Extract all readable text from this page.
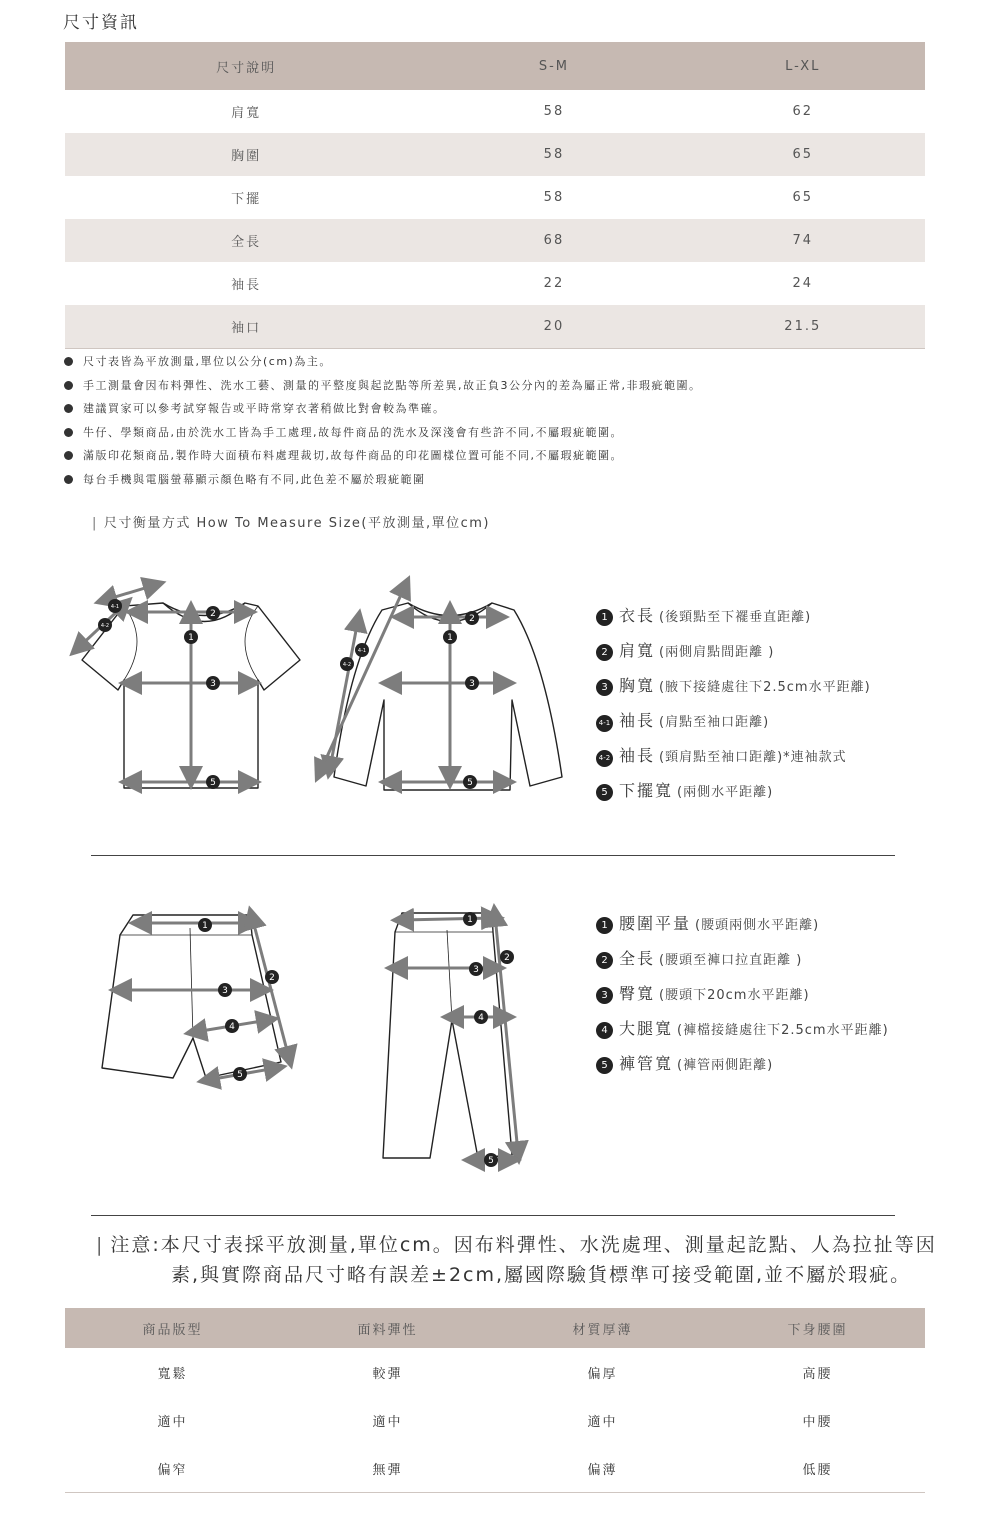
尺寸資訊
尺寸說明	S-M	L-XL
肩寬	58	62
胸圍	58	65
下擺	58	65
全長	68	74
袖長	22	24
袖口	20	21.5
尺寸表皆為平放測量,單位以公分(cm)為主。
手工測量會因布料彈性、洗水工藝、測量的平整度與起訖點等所差異,故正負3公分內的差為屬正常,非瑕疵範圍。
建議買家可以參考試穿報告或平時常穿衣著稍做比對會較為準確。
牛仔、學類商品,由於洗水工皆為手工處理,故每件商品的洗水及深淺會有些許不同,不屬瑕疵範圍。
滿版印花類商品,製作時大面積布料處理裁切,故每件商品的印花圖樣位置可能不同,不屬瑕疵範圍。
每台手機與電腦螢幕顯示顏色略有不同,此色差不屬於瑕疵範圍
| 尺寸衡量方式 How To Measure Size(平放測量,單位cm)
1
2
3
4-1
4-2
5
1
2
3
4-1
4-2
5
1
2
3
4
5
1
2
3
4
5
1 衣長 (後頸點至下襬垂直距離)
2 肩寬 (兩側肩點間距離 )
3 胸寬 (腋下接縫處往下2.5cm水平距離)
4-1 袖長 (肩點至袖口距離)
4-2 袖長 (頸肩點至袖口距離)*連袖款式
5 下擺寬 (兩側水平距離)
1 腰圍平量 (腰頭兩側水平距離)
2 全長 (腰頭至褲口拉直距離 )
3 臀寬 (腰頭下20cm水平距離)
4 大腿寬 (褲檔接縫處往下2.5cm水平距離)
5 褲管寬 (褲管兩側距離)
| 注意:本尺寸表採平放測量,單位cm。因布料彈性、水洗處理、測量起訖點、人為拉扯等因
素,與實際商品尺寸略有誤差±2cm,屬國際驗貨標準可接受範圍,並不屬於瑕疵。
商品版型	面料彈性	材質厚薄	下身腰圍
寬鬆	較彈	偏厚	高腰
適中	適中	適中	中腰
偏窄	無彈	偏薄	低腰
